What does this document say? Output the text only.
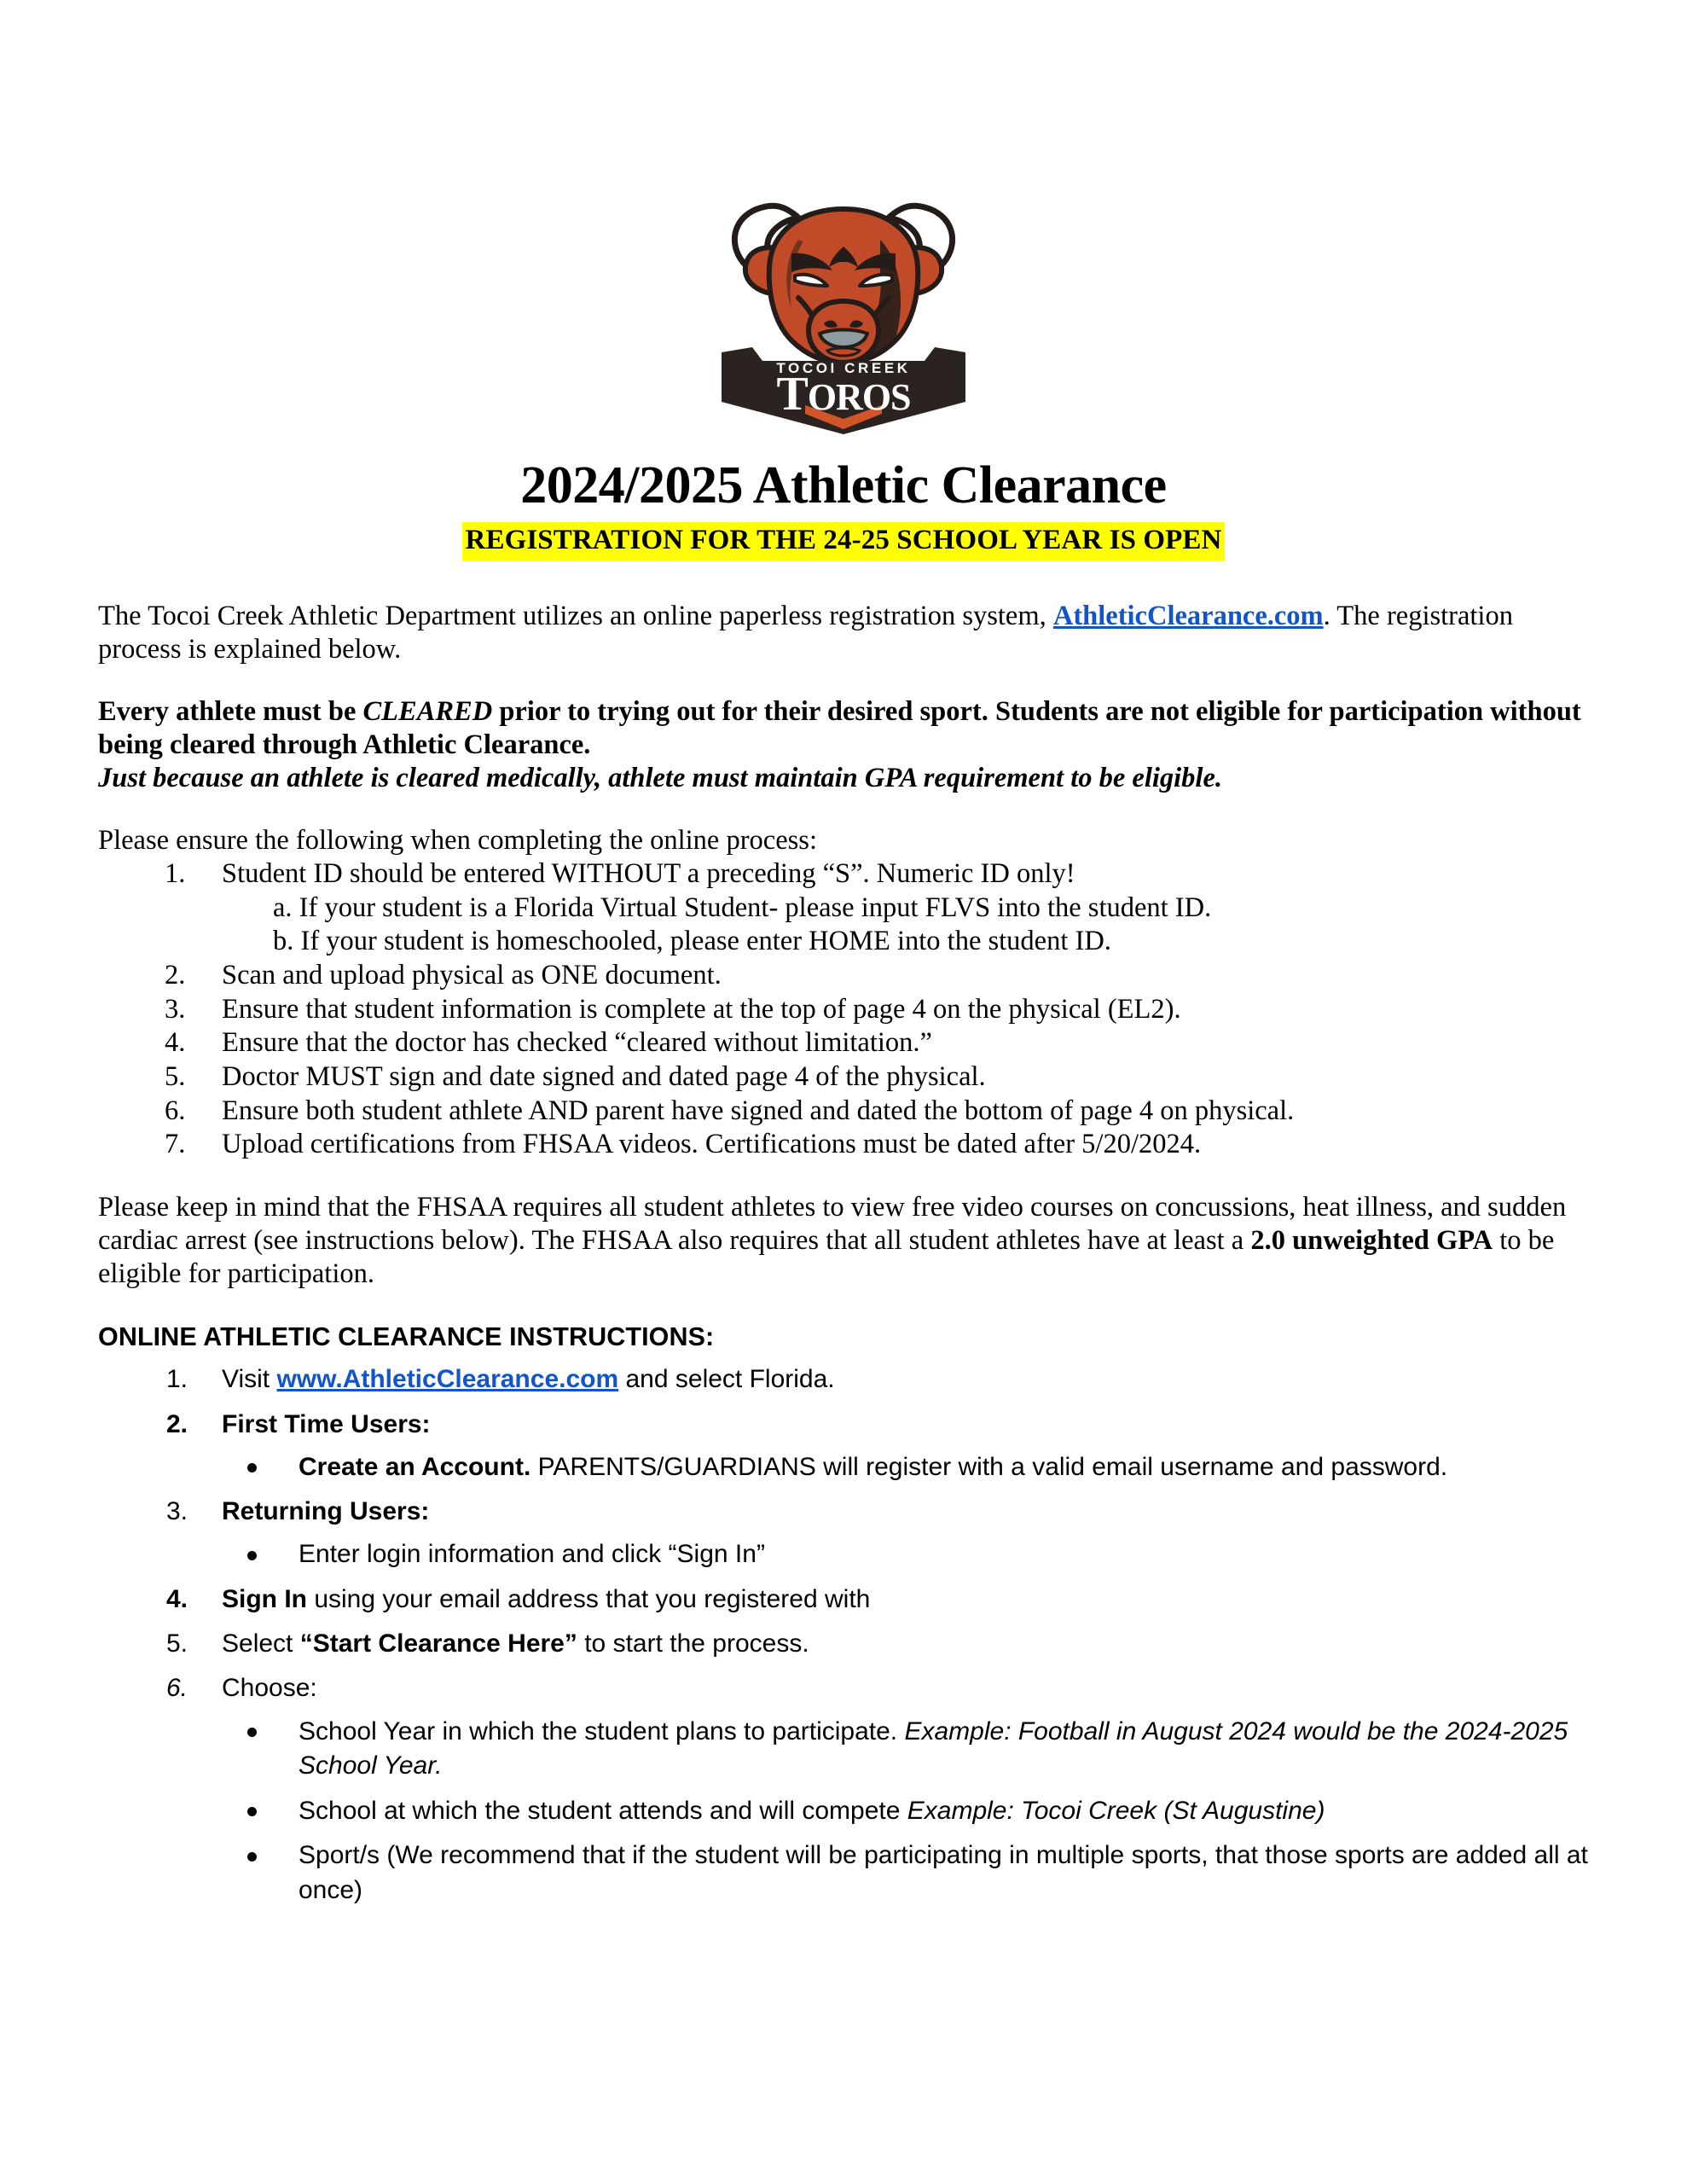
TOCOI CREEK
TOROS
2024/2025 Athletic Clearance
REGISTRATION FOR THE 24-25 SCHOOL YEAR IS OPEN

The Tocoi Creek Athletic Department utilizes an online paperless registration system, AthleticClearance.com. The registration process is explained below.

Every athlete must be CLEARED prior to trying out for their desired sport. Students are not eligible for participation without being cleared through Athletic Clearance.

Just because an athlete is cleared medically, athlete must maintain GPA requirement to be eligible.

Please ensure the following when completing the online process:

1.	Student ID should be entered WITHOUT a preceding “S”. Numeric ID only!
a. If your student is a Florida Virtual Student- please input FLVS into the student ID.
b. If your student is homeschooled, please enter HOME into the student ID.
2.	Scan and upload physical as ONE document.
3.	Ensure that student information is complete at the top of page 4 on the physical (EL2).
4.	Ensure that the doctor has checked “cleared without limitation.”
5.	Doctor MUST sign and date signed and dated page 4 of the physical.
6.	Ensure both student athlete AND parent have signed and dated the bottom of page 4 on physical.
7.	Upload certifications from FHSAA videos. Certifications must be dated after 5/20/2024.

Please keep in mind that the FHSAA requires all student athletes to view free video courses on concussions, heat illness, and sudden cardiac arrest (see instructions below). The FHSAA also requires that all student athletes have at least a 2.0 unweighted GPA to be eligible for participation.

ONLINE ATHLETIC CLEARANCE INSTRUCTIONS:
1.	Visit www.AthleticClearance.com and select Florida.
2.	First Time Users:
Create an Account. PARENTS/GUARDIANS will register with a valid email username and password.
3.	Returning Users:
Enter login information and click “Sign In”
4.	Sign In using your email address that you registered with
5.	Select “Start Clearance Here” to start the process.
6.	Choose:
School Year in which the student plans to participate. Example: Football in August 2024 would be the 2024-2025 School Year.
School at which the student attends and will compete Example: Tocoi Creek (St Augustine)
Sport/s (We recommend that if the student will be participating in multiple sports, that those sports are added all at once)
